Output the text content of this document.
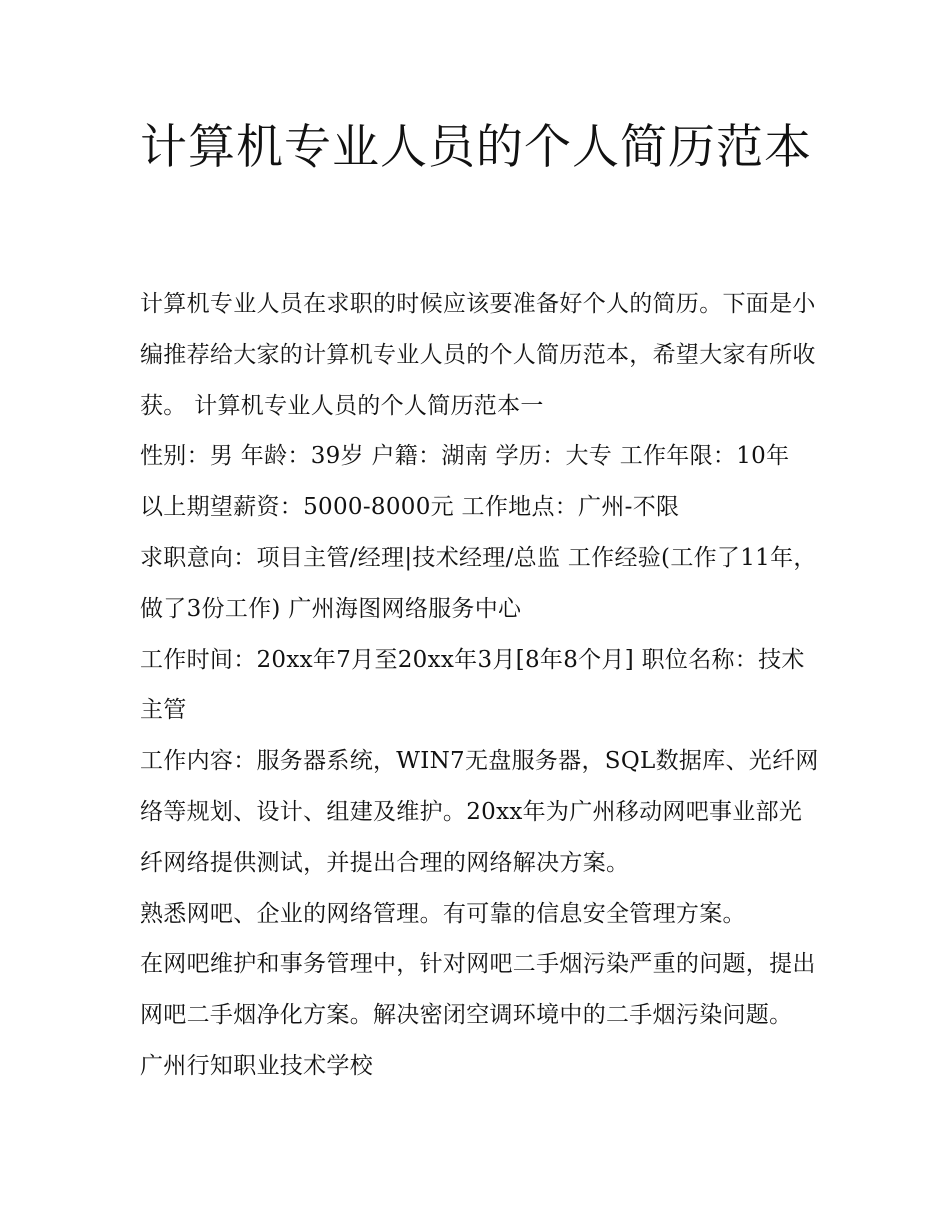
计算机专业人员的个人简历范本

计算机专业人员在求职的时候应该要准备好个人的简历。下面是小编推荐给大家的计算机专业人员的个人简历范本，希望大家有所收获。 计算机专业人员的个人简历范本一

性别：男 年龄：39岁 户籍：湖南 学历：大专 工作年限：10年 以上期望薪资：5000-8000元 工作地点：广州-不限

求职意向：项目主管/经理|技术经理/总监 工作经验(工作了11年，做了3份工作) 广州海图网络服务中心

工作时间：20xx年7月至20xx年3月[8年8个月] 职位名称：技术主管

工作内容：服务器系统，WIN7无盘服务器，SQL数据库、光纤网络等规划、设计、组建及维护。20xx年为广州移动网吧事业部光纤网络提供测试，并提出合理的网络解决方案。

熟悉网吧、企业的网络管理。有可靠的信息安全管理方案。

在网吧维护和事务管理中，针对网吧二手烟污染严重的问题，提出网吧二手烟净化方案。解决密闭空调环境中的二手烟污染问题。 广州行知职业技术学校
